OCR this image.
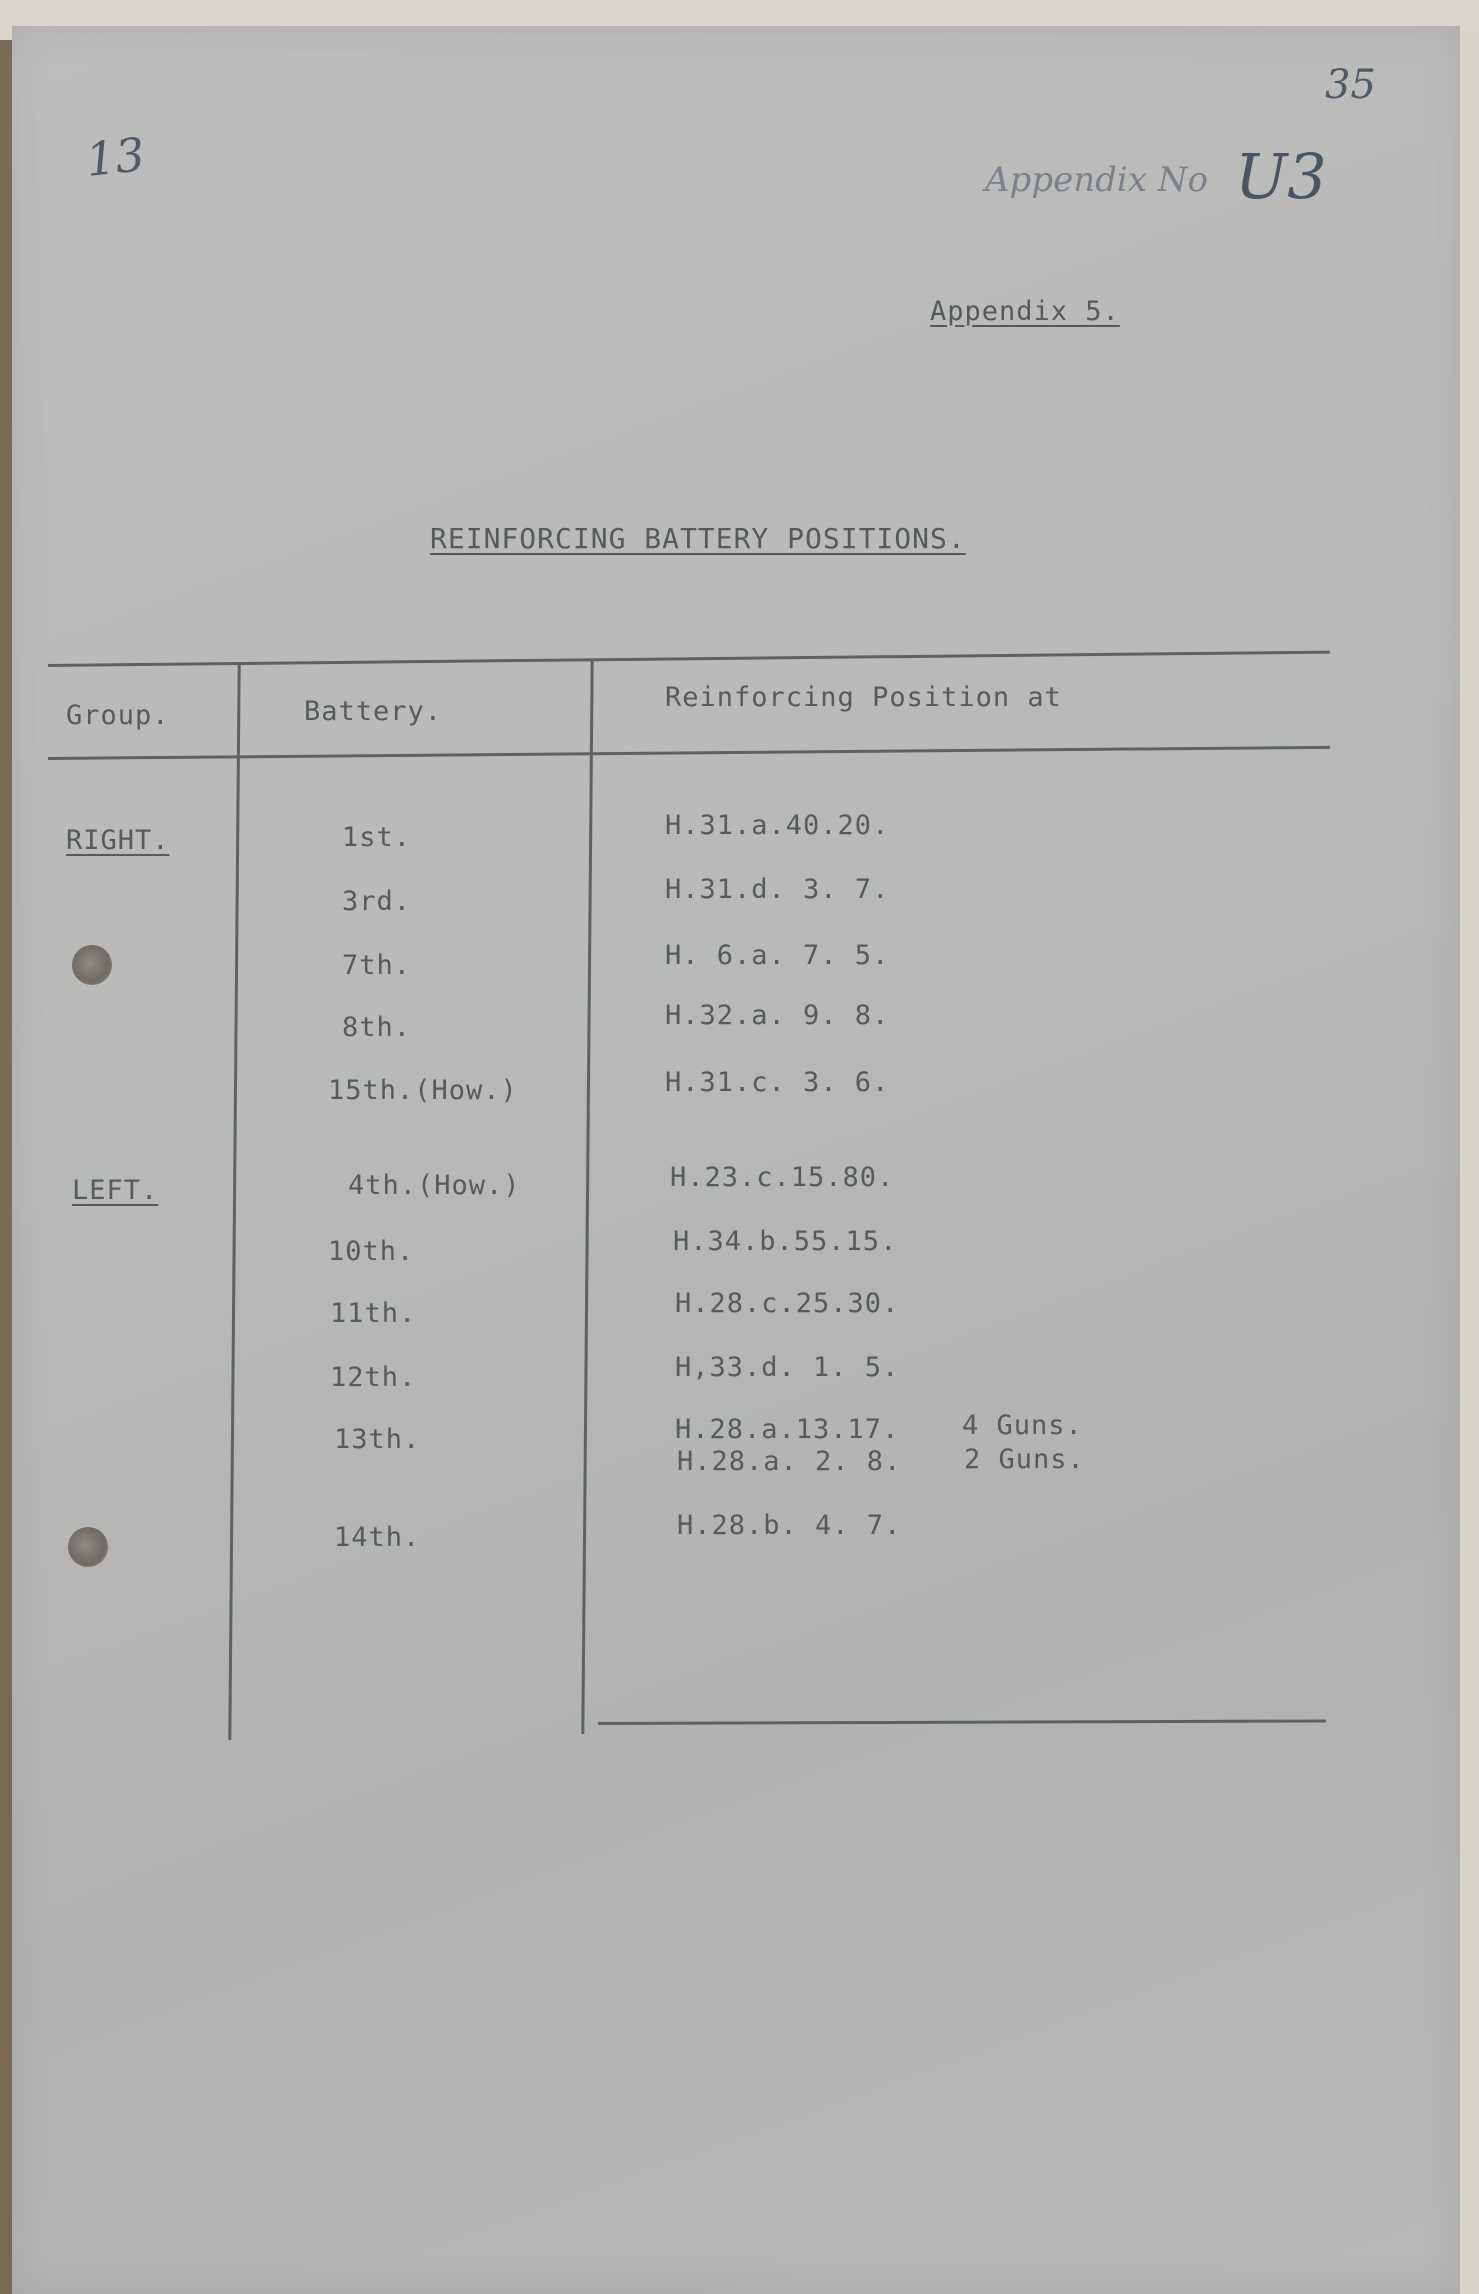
13
35
Appendix No U3
Appendix 5.
REINFORCING BATTERY POSITIONS.
Group.	Battery.	Reinforcing Position at
RIGHT.	1st.	H.31.a.40.20.
3rd.	H.31.d. 3. 7.
7th.	H. 6.a. 7. 5.
8th.	H.32.a. 9. 8.
15th.(How.)	H.31.c. 3. 6.
LEFT.	4th.(How.)	H.23.c.15.80.
10th.	H.34.b.55.15.
11th.	H.28.c.25.30.
12th.	H,33.d. 1. 5.
13th.	H.28.a.13.17. 4 Guns.
H.28.a. 2. 8. 2 Guns.
14th.	H.28.b. 4. 7.
